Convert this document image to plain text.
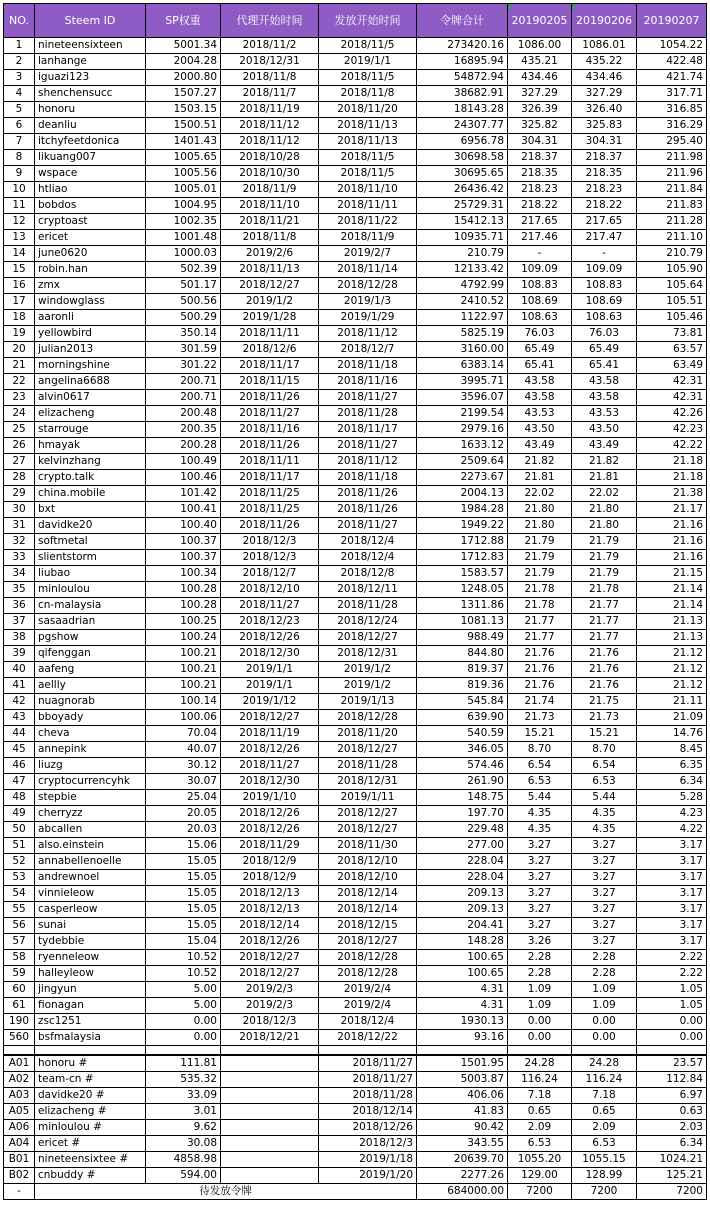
NO.	Steem ID	SP权重	代理开始时间	发放开始时间	令牌合计	20190205	20190206	20190207
1	nineteensixteen	5001.34	2018/11/2	2018/11/5	273420.16	1086.00	1086.01	1054.22
2	lanhange	2004.28	2018/12/31	2019/1/1	16895.94	435.21	435.22	422.48
3	iguazi123	2000.80	2018/11/8	2018/11/5	54872.94	434.46	434.46	421.74
4	shenchensucc	1507.27	2018/11/7	2018/11/8	38682.91	327.29	327.29	317.71
5	honoru	1503.15	2018/11/19	2018/11/20	18143.28	326.39	326.40	316.85
6	deanliu	1500.51	2018/11/12	2018/11/13	24307.77	325.82	325.83	316.29
7	itchyfeetdonica	1401.43	2018/11/12	2018/11/13	6956.78	304.31	304.31	295.40
8	likuang007	1005.65	2018/10/28	2018/11/5	30698.58	218.37	218.37	211.98
9	wspace	1005.56	2018/10/30	2018/11/5	30695.65	218.35	218.35	211.96
10	htliao	1005.01	2018/11/9	2018/11/10	26436.42	218.23	218.23	211.84
11	bobdos	1004.95	2018/11/10	2018/11/11	25729.31	218.22	218.22	211.83
12	cryptoast	1002.35	2018/11/21	2018/11/22	15412.13	217.65	217.65	211.28
13	ericet	1001.48	2018/11/8	2018/11/9	10935.71	217.46	217.47	211.10
14	june0620	1000.03	2019/2/6	2019/2/7	210.79	-	-	210.79
15	robin.han	502.39	2018/11/13	2018/11/14	12133.42	109.09	109.09	105.90
16	zmx	501.17	2018/12/27	2018/12/28	4792.99	108.83	108.83	105.64
17	windowglass	500.56	2019/1/2	2019/1/3	2410.52	108.69	108.69	105.51
18	aaronli	500.29	2019/1/28	2019/1/29	1122.97	108.63	108.63	105.46
19	yellowbird	350.14	2018/11/11	2018/11/12	5825.19	76.03	76.03	73.81
20	julian2013	301.59	2018/12/6	2018/12/7	3160.00	65.49	65.49	63.57
21	morningshine	301.22	2018/11/17	2018/11/18	6383.14	65.41	65.41	63.49
22	angelina6688	200.71	2018/11/15	2018/11/16	3995.71	43.58	43.58	42.31
23	alvin0617	200.71	2018/11/26	2018/11/27	3596.07	43.58	43.58	42.31
24	elizacheng	200.48	2018/11/27	2018/11/28	2199.54	43.53	43.53	42.26
25	starrouge	200.35	2018/11/16	2018/11/17	2979.16	43.50	43.50	42.23
26	hmayak	200.28	2018/11/26	2018/11/27	1633.12	43.49	43.49	42.22
27	kelvinzhang	100.49	2018/11/11	2018/11/12	2509.64	21.82	21.82	21.18
28	crypto.talk	100.46	2018/11/17	2018/11/18	2273.67	21.81	21.81	21.18
29	china.mobile	101.42	2018/11/25	2018/11/26	2004.13	22.02	22.02	21.38
30	bxt	100.41	2018/11/25	2018/11/26	1984.28	21.80	21.80	21.17
31	davidke20	100.40	2018/11/26	2018/11/27	1949.22	21.80	21.80	21.16
32	softmetal	100.37	2018/12/3	2018/12/4	1712.88	21.79	21.79	21.16
33	slientstorm	100.37	2018/12/3	2018/12/4	1712.83	21.79	21.79	21.16
34	liubao	100.34	2018/12/7	2018/12/8	1583.57	21.79	21.79	21.15
35	minloulou	100.28	2018/12/10	2018/12/11	1248.05	21.78	21.78	21.14
36	cn-malaysia	100.28	2018/11/27	2018/11/28	1311.86	21.78	21.77	21.14
37	sasaadrian	100.25	2018/12/23	2018/12/24	1081.13	21.77	21.77	21.13
38	pgshow	100.24	2018/12/26	2018/12/27	988.49	21.77	21.77	21.13
39	qifenggan	100.21	2018/12/30	2018/12/31	844.80	21.76	21.76	21.12
40	aafeng	100.21	2019/1/1	2019/1/2	819.37	21.76	21.76	21.12
41	aellly	100.21	2019/1/1	2019/1/2	819.36	21.76	21.76	21.12
42	nuagnorab	100.14	2019/1/12	2019/1/13	545.84	21.74	21.75	21.11
43	bboyady	100.06	2018/12/27	2018/12/28	639.90	21.73	21.73	21.09
44	cheva	70.04	2018/11/19	2018/11/20	540.59	15.21	15.21	14.76
45	annepink	40.07	2018/12/26	2018/12/27	346.05	8.70	8.70	8.45
46	liuzg	30.12	2018/11/27	2018/11/28	574.46	6.54	6.54	6.35
47	cryptocurrencyhk	30.07	2018/12/30	2018/12/31	261.90	6.53	6.53	6.34
48	stepbie	25.04	2019/1/10	2019/1/11	148.75	5.44	5.44	5.28
49	cherryzz	20.05	2018/12/26	2018/12/27	197.70	4.35	4.35	4.23
50	abcallen	20.03	2018/12/26	2018/12/27	229.48	4.35	4.35	4.22
51	also.einstein	15.06	2018/11/29	2018/11/30	277.00	3.27	3.27	3.17
52	annabellenoelle	15.05	2018/12/9	2018/12/10	228.04	3.27	3.27	3.17
53	andrewnoel	15.05	2018/12/9	2018/12/10	228.04	3.27	3.27	3.17
54	vinnieleow	15.05	2018/12/13	2018/12/14	209.13	3.27	3.27	3.17
55	casperleow	15.05	2018/12/13	2018/12/14	209.13	3.27	3.27	3.17
56	sunai	15.05	2018/12/14	2018/12/15	204.41	3.27	3.27	3.17
57	tydebbie	15.04	2018/12/26	2018/12/27	148.28	3.26	3.27	3.17
58	ryenneleow	10.52	2018/12/27	2018/12/28	100.65	2.28	2.28	2.22
59	halleyleow	10.52	2018/12/27	2018/12/28	100.65	2.28	2.28	2.22
60	jingyun	5.00	2019/2/3	2019/2/4	4.31	1.09	1.09	1.05
61	fionagan	5.00	2019/2/3	2019/2/4	4.31	1.09	1.09	1.05
190	zsc1251	0.00	2018/12/3	2018/12/4	1930.13	0.00	0.00	0.00
560	bsfmalaysia	0.00	2018/12/21	2018/12/22	93.16	0.00	0.00	0.00

A01	honoru #	111.81		2018/11/27	1501.95	24.28	24.28	23.57
A02	team-cn #	535.32		2018/11/27	5003.87	116.24	116.24	112.84
A03	davidke20 #	33.09		2018/11/28	406.06	7.18	7.18	6.97
A05	elizacheng #	3.01		2018/12/14	41.83	0.65	0.65	0.63
A06	minloulou #	9.62		2018/12/26	90.42	2.09	2.09	2.03
A04	ericet #	30.08		2018/12/3	343.55	6.53	6.53	6.34
B01	nineteensixtee #	4858.98		2019/1/18	20639.70	1055.20	1055.15	1024.21
B02	cnbuddy #	594.00		2019/1/20	2277.26	129.00	128.99	125.21
-	待发放令牌				684000.00	7200	7200	7200
